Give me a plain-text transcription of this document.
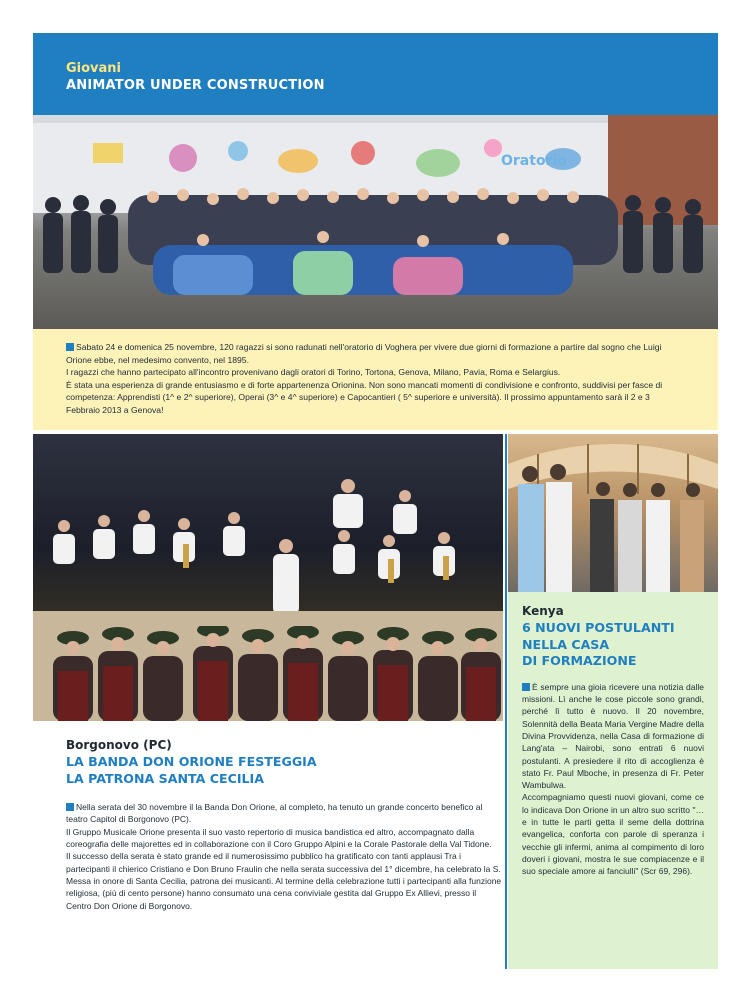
Giovani
ANIMATOR UNDER CONSTRUCTION
Oratorio

Sabato 24 e domenica 25 novembre, 120 ragazzi si sono radunati nell'oratorio di Voghera per vivere due giorni di formazione a partire dal sogno che Luigi Orione ebbe, nel medesimo convento, nel 1895.

I ragazzi che hanno partecipato all'incontro provenivano dagli oratori di Torino, Tortona, Genova, Milano, Pavia, Roma e Selargius.

È stata una esperienza di grande entusiasmo e di forte appartenenza Orionina. Non sono mancati momenti di condivisione e confronto, suddivisi per fasce di competenza: Apprendisti (1^ e 2^ superiore), Operai (3^ e 4^ superiore) e Capocantieri ( 5^ superiore e università). Il prossimo appuntamento sarà il 2 e 3 Febbraio 2013 a Genova!

Kenya
6 NUOVI POSTULANTI
NELLA CASA
DI FORMAZIONE

È sempre una gioia ricevere una notizia dalle missioni. Lì anche le cose piccole sono grandi, perché lì tutto è nuovo. Il 20 novembre, Solennità della Beata Maria Vergine Madre della Divina Provvidenza, nella Casa di formazione di Lang'ata – Nairobi, sono entrati 6 nuovi postulanti. A presiedere il rito di accoglienza è stato Fr. Paul Mboche, in presenza di Fr. Peter Wambulwa.

Accompagniamo questi nuovi giovani, come ce lo indicava Don Orione in un altro suo scritto "… e in tutte le parti getta il seme della dottrina evangelica, conforta con parole di speranza i vecchie gli infermi, anima al compimento di loro doveri i giovani, mostra le sue compiacenze e il suo speciale amore ai fanciulli" (Scr 69, 296).

Borgonovo (PC)
LA BANDA DON ORIONE FESTEGGIA
LA PATRONA SANTA CECILIA

Nella serata del 30 novembre il la Banda Don Orione, al completo, ha tenuto un grande concerto benefico al teatro Capitol di Borgonovo (PC).

Il Gruppo Musicale Orione presenta il suo vasto repertorio di musica bandistica ed altro, accompagnato dalla coreografia delle majorettes ed in collaborazione con il Coro Gruppo Alpini e la Corale Pastorale della Val Tidone.

Il successo della serata è stato grande ed il numerosissimo pubblico ha gratificato con tanti applausi Tra i partecipanti il chierico Cristiano e Don Bruno Fraulin che nella serata successiva del 1° dicembre, ha celebrato la S. Messa in onore di Santa Cecilia, patrona dei musicanti. Al termine della celebrazione tutti i partecipanti alla funzione religiosa, (più di cento persone) hanno consumato una cena conviviale gestita dal Gruppo Ex Allievi, presso il Centro Don Orione di Borgonovo.
